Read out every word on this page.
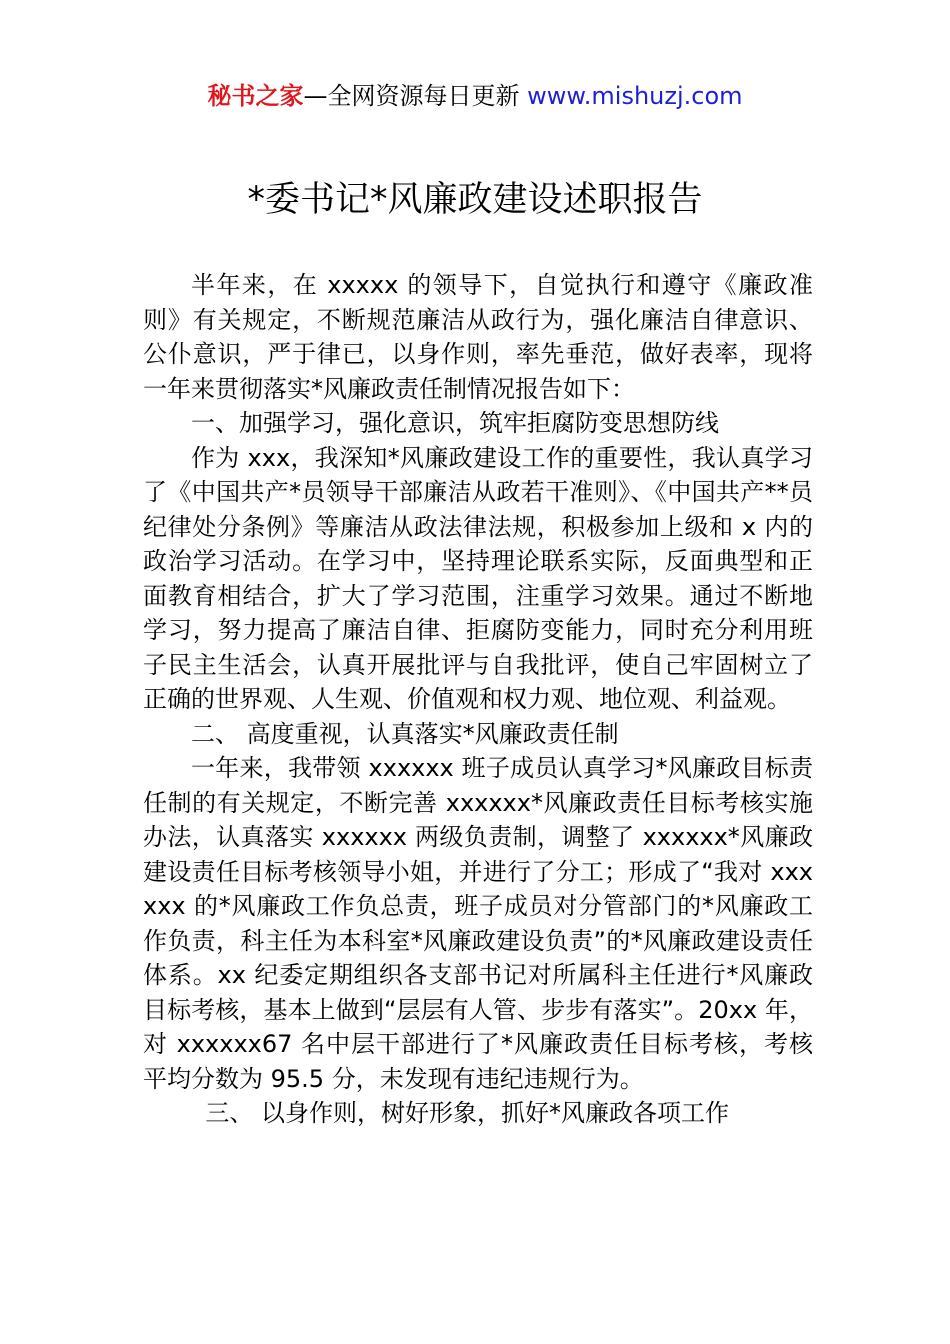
秘书之家—全网资源每日更新 www.mishuzj.com
*委书记*风廉政建设述职报告

半年来，在 xxxxx 的领导下，自觉执行和遵守《廉政准则》有关规定，不断规范廉洁从政行为，强化廉洁自律意识、公仆意识，严于律已，以身作则，率先垂范，做好表率，现将一年来贯彻落实*风廉政责任制情况报告如下：

一、加强学习，强化意识，筑牢拒腐防变思想防线

作为 xxx，我深知*风廉政建设工作的重要性，我认真学习了《中国共产*员领导干部廉洁从政若干准则》、《中国共产**员纪律处分条例》等廉洁从政法律法规，积极参加上级和 x 内的政治学习活动。在学习中，坚持理论联系实际，反面典型和正面教育相结合，扩大了学习范围，注重学习效果。通过不断地学习，努力提高了廉洁自律、拒腐防变能力，同时充分利用班子民主生活会，认真开展批评与自我批评，使自己牢固树立了正确的世界观、人生观、价值观和权力观、地位观、利益观。

二、 高度重视，认真落实*风廉政责任制

一年来，我带领 xxxxxx 班子成员认真学习*风廉政目标责任制的有关规定，不断完善 xxxxxx*风廉政责任目标考核实施办法，认真落实 xxxxxx 两级负责制，调整了 xxxxxx*风廉政建设责任目标考核领导小姐，并进行了分工；形成了“我对 xxxxxx 的*风廉政工作负总责，班子成员对分管部门的*风廉政工作负责，科主任为本科室*风廉政建设负责”的*风廉政建设责任体系。xx 纪委定期组织各支部书记对所属科主任进行*风廉政目标考核，基本上做到“层层有人管、步步有落实”。20xx 年，对 xxxxxx67 名中层干部进行了*风廉政责任目标考核，考核平均分数为 95.5 分，未发现有违纪违规行为。

三、 以身作则，树好形象，抓好*风廉政各项工作
